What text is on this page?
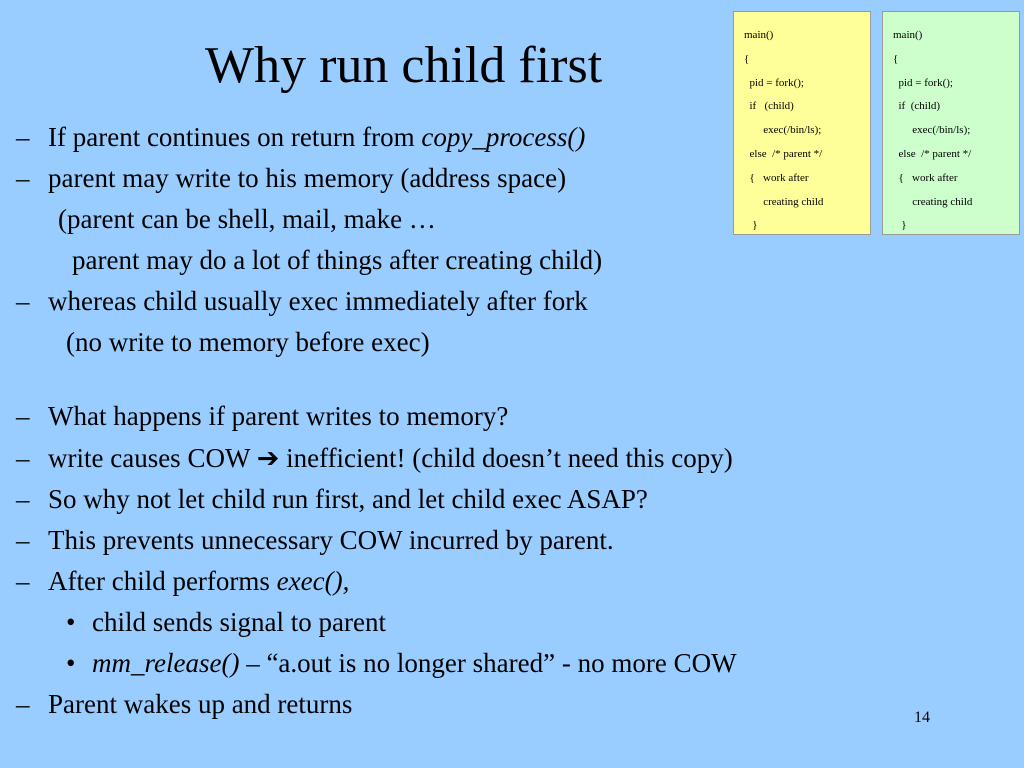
Why run child first
main()
{
pid = fork();
if   (child)
exec(/bin/ls);
else  /* parent */
{   work after
creating child
}
main()
{
pid = fork();
if  (child)
exec(/bin/ls);
else  /* parent */
{   work after
creating child
}
– If parent continues on return from copy_process()
– parent may write to his memory (address space)
(parent can be shell, mail, make …
parent may do a lot of things after creating child)
– whereas child usually exec immediately after fork
(no write to memory before exec)
– What happens if parent writes to memory?
– write causes COW ➔ inefficient! (child doesn’t need this copy)
– So why not let child run first, and let child exec ASAP?
– This prevents unnecessary COW incurred by parent.
– After child performs exec(),
• child sends signal to parent
• mm_release() – “a.out is no longer shared” - no more COW
– Parent wakes up and returns	14
